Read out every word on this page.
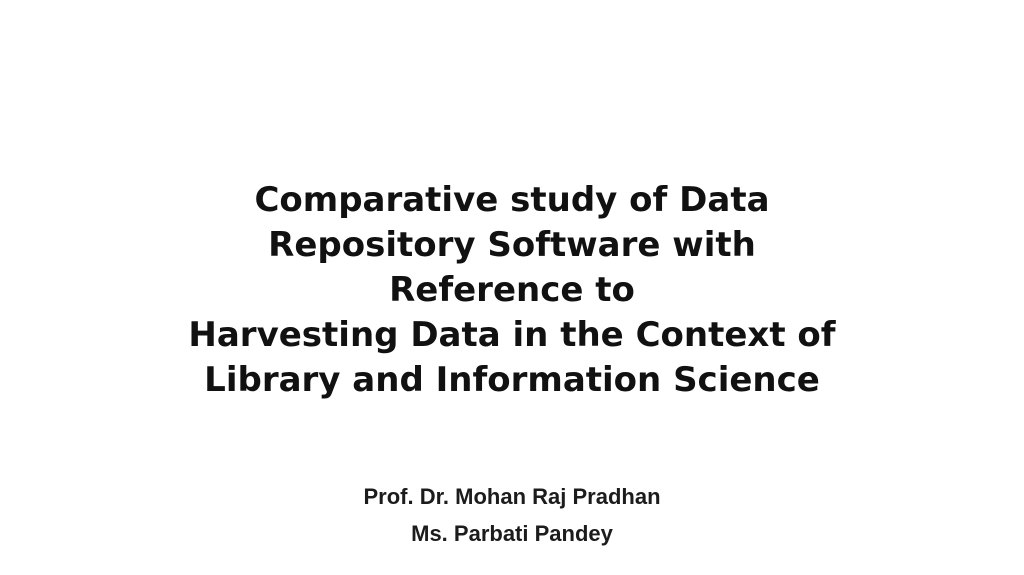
Comparative study of Data
Repository Software with
Reference to
Harvesting Data in the Context of
Library and Information Science
Prof. Dr. Mohan Raj Pradhan
Ms. Parbati Pandey
